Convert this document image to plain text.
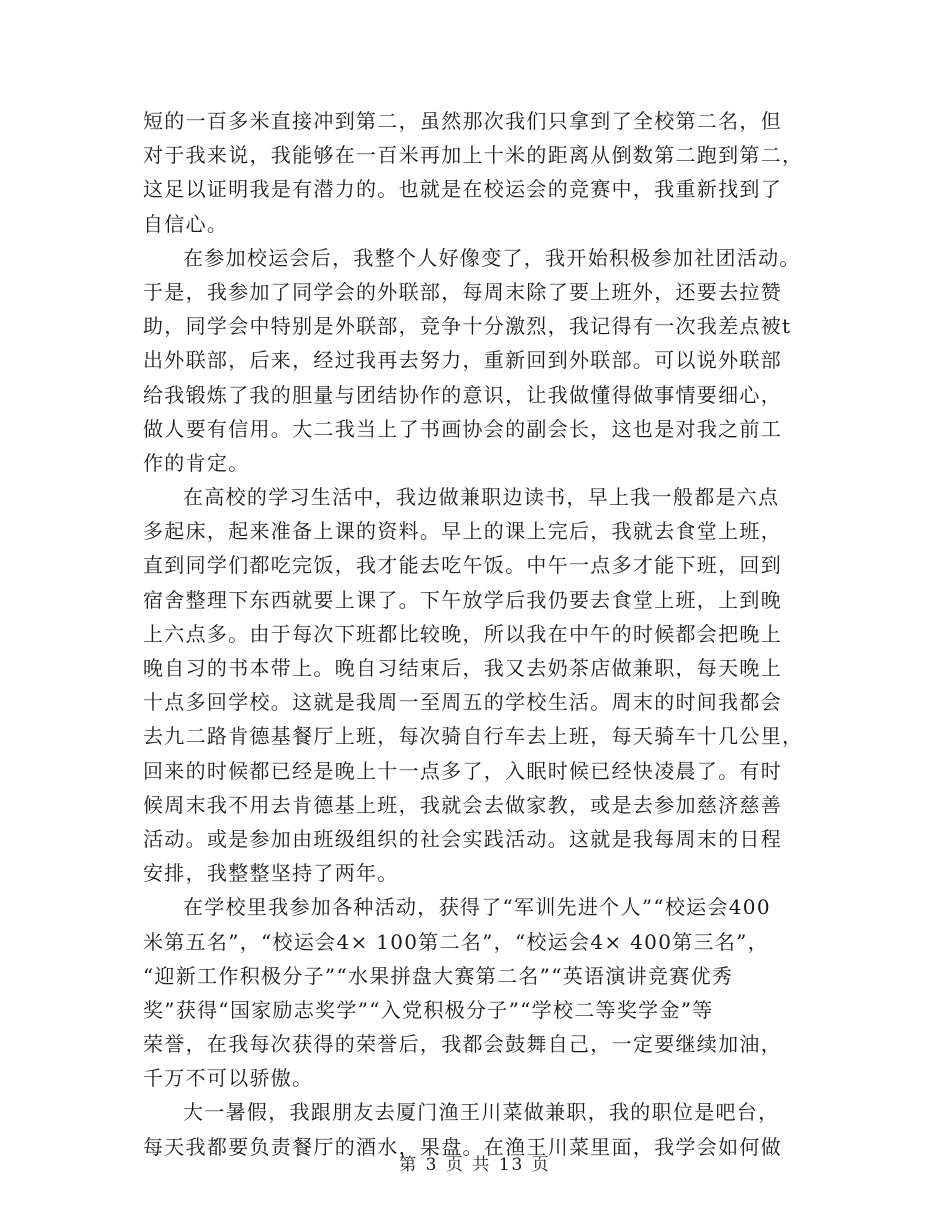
短的一百多米直接冲到第二，虽然那次我们只拿到了全校第二名，但
对于我来说，我能够在一百米再加上十米的距离从倒数第二跑到第二，
这足以证明我是有潜力的。也就是在校运会的竞赛中，我重新找到了
自信心。
在参加校运会后，我整个人好像变了，我开始积极参加社团活动。
于是，我参加了同学会的外联部，每周末除了要上班外，还要去拉赞
助，同学会中特别是外联部，竞争十分激烈，我记得有一次我差点被t
出外联部，后来，经过我再去努力，重新回到外联部。可以说外联部
给我锻炼了我的胆量与团结协作的意识，让我做懂得做事情要细心，
做人要有信用。大二我当上了书画协会的副会长，这也是对我之前工
作的肯定。
在高校的学习生活中，我边做兼职边读书，早上我一般都是六点
多起床，起来准备上课的资料。早上的课上完后，我就去食堂上班，
直到同学们都吃完饭，我才能去吃午饭。中午一点多才能下班，回到
宿舍整理下东西就要上课了。下午放学后我仍要去食堂上班，上到晚
上六点多。由于每次下班都比较晚，所以我在中午的时候都会把晚上
晚自习的书本带上。晚自习结束后，我又去奶茶店做兼职，每天晚上
十点多回学校。这就是我周一至周五的学校生活。周末的时间我都会
去九二路肯德基餐厅上班，每次骑自行车去上班，每天骑车十几公里，
回来的时候都已经是晚上十一点多了，入眠时候已经快凌晨了。有时
候周末我不用去肯德基上班，我就会去做家教，或是去参加慈济慈善
活动。或是参加由班级组织的社会实践活动。这就是我每周末的日程
安排，我整整坚持了两年。
在学校里我参加各种活动，获得了“军训先进个人”“校运会400
米第五名”，“校运会4× 100第二名”，“校运会4× 400第三名”，
“迎新工作积极分子”“水果拼盘大赛第二名”“英语演讲竞赛优秀
奖”获得“国家励志奖学”“入党积极分子”“学校二等奖学金”等
荣誉，在我每次获得的荣誉后，我都会鼓舞自己，一定要继续加油，
千万不可以骄傲。
大一暑假，我跟朋友去厦门渔王川菜做兼职，我的职位是吧台，
每天我都要负责餐厅的酒水，果盘。在渔王川菜里面，我学会如何做
第 3 页 共 13 页
